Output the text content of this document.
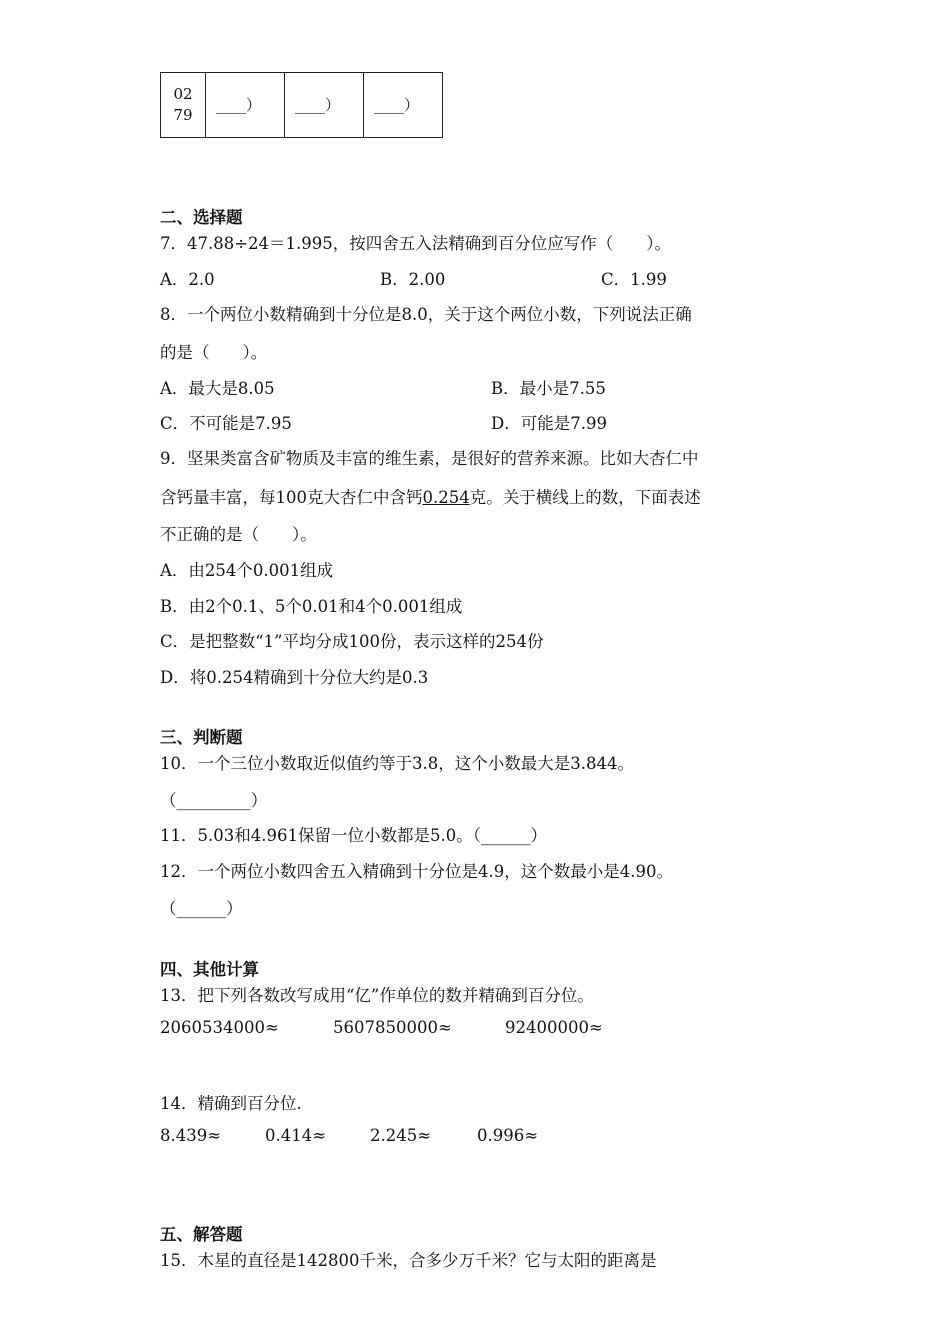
02
79
	____）	____）	____）
二、选择题
7．47.88÷24＝1.995，按四舍五入法精确到百分位应写作（　　）。
A．2.0	B．2.00	C．1.99
8．一个两位小数精确到十分位是8.0，关于这个两位小数，下列说法正确
的是（　　）。
A．最大是8.05	B．最小是7.55
C．不可能是7.95	D．可能是7.99
9．坚果类富含矿物质及丰富的维生素，是很好的营养来源。比如大杏仁中
含钙量丰富，每100克大杏仁中含钙0.254克。关于横线上的数，下面表述
不正确的是（　　）。
A．由254个0.001组成
B．由2个0.1、5个0.01和4个0.001组成
C．是把整数“1”平均分成100份，表示这样的254份
D．将0.254精确到十分位大约是0.3
三、判断题
10．一个三位小数取近似值约等于3.8，这个小数最大是3.844。
（_________）
11．5.03和4.961保留一位小数都是5.0。（______）
12．一个两位小数四舍五入精确到十分位是4.9，这个数最小是4.90。
（______）
四、其他计算
13．把下列各数改写成用“亿”作单位的数并精确到百分位。
2060534000≈	5607850000≈	92400000≈
14．精确到百分位.
8.439≈	0.414≈	2.245≈	0.996≈
五、解答题
15．木星的直径是142800千米，合多少万千米？它与太阳的距离是
